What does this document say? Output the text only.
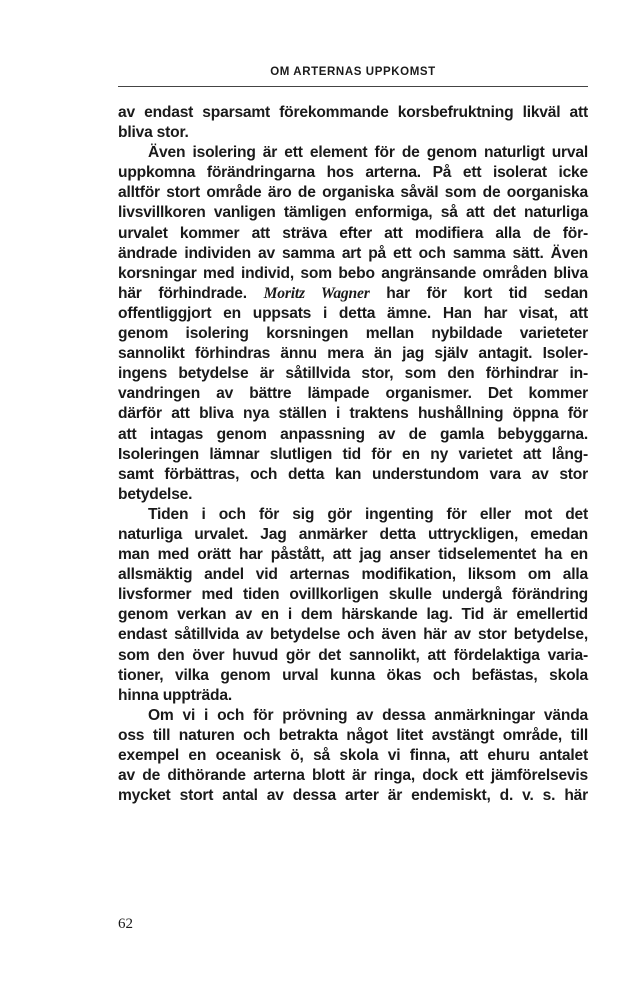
OM ARTERNAS UPPKOMST
av endast sparsamt förekommande korsbefruktning likväl att
bliva stor.
Även isolering är ett element för de genom naturligt urval
uppkomna förändringarna hos arterna. På ett isolerat icke
alltför stort område äro de organiska såväl som de oorganiska
livsvillkoren vanligen tämligen enformiga, så att det naturliga
urvalet kommer att sträva efter att modifiera alla de för-
ändrade individen av samma art på ett och samma sätt. Även
korsningar med individ, som bebo angränsande områden bliva
här förhindrade. Moritz Wagner har för kort tid sedan
offentliggjort en uppsats i detta ämne. Han har visat, att
genom isolering korsningen mellan nybildade varieteter
sannolikt förhindras ännu mera än jag själv antagit. Isoler-
ingens betydelse är såtillvida stor, som den förhindrar in-
vandringen av bättre lämpade organismer. Det kommer
därför att bliva nya ställen i traktens hushållning öppna för
att intagas genom anpassning av de gamla bebyggarna.
Isoleringen lämnar slutligen tid för en ny varietet att lång-
samt förbättras, och detta kan understundom vara av stor
betydelse.
Tiden i och för sig gör ingenting för eller mot det
naturliga urvalet. Jag anmärker detta uttryckligen, emedan
man med orätt har påstått, att jag anser tidselementet ha en
allsmäktig andel vid arternas modifikation, liksom om alla
livsformer med tiden ovillkorligen skulle undergå förändring
genom verkan av en i dem härskande lag. Tid är emellertid
endast såtillvida av betydelse och även här av stor betydelse,
som den över huvud gör det sannolikt, att fördelaktiga varia-
tioner, vilka genom urval kunna ökas och befästas, skola
hinna uppträda.
Om vi i och för prövning av dessa anmärkningar vända
oss till naturen och betrakta något litet avstängt område, till
exempel en oceanisk ö, så skola vi finna, att ehuru antalet
av de dithörande arterna blott är ringa, dock ett jämförelsevis
mycket stort antal av dessa arter är endemiskt, d. v. s. här
62
